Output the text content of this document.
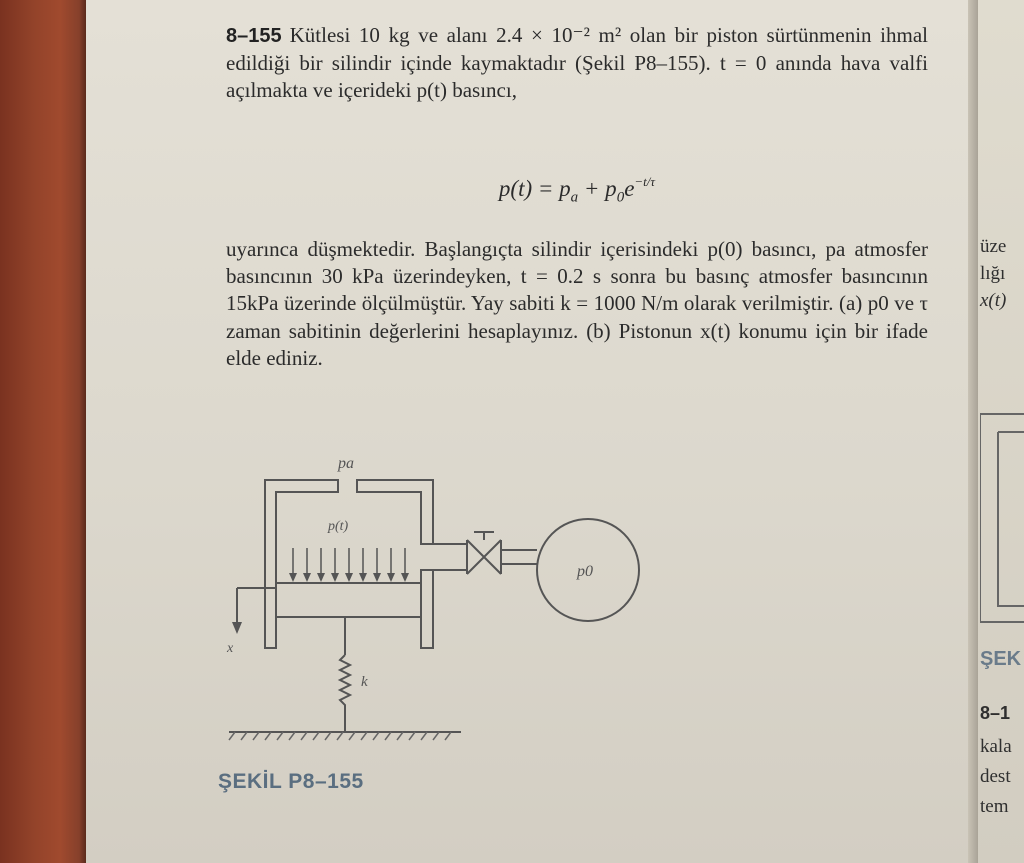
8–155 Kütlesi 10 kg ve alanı 2.4 × 10⁻² m² olan bir piston sürtünmenin ihmal edildiği bir silindir içinde kaymaktadır (Şekil P8–155). t = 0 anında hava valfi açılmakta ve içerideki p(t) basıncı,

$p(t) = p_a + p_0e^{-t/\tau}$

uyarınca düşmektedir. Başlangıçta silindir içerisindeki p(0) basıncı, pa atmosfer basıncının 30 kPa üzerindeyken, t = 0.2 s sonra bu basınç atmosfer basıncının 15kPa üzerinde ölçülmüştür. Yay sabiti k = 1000 N/m olarak verilmiştir. (a) p0 ve τ zaman sabitinin değerlerini hesaplayınız. (b) Pistonun x(t) konumu için bir ifade elde ediniz.

pa
p(t)
p0
x
k

ŞEKİL P8–155

üze
lığı
x(t)
ŞEK
8–1
kala
dest
tem
